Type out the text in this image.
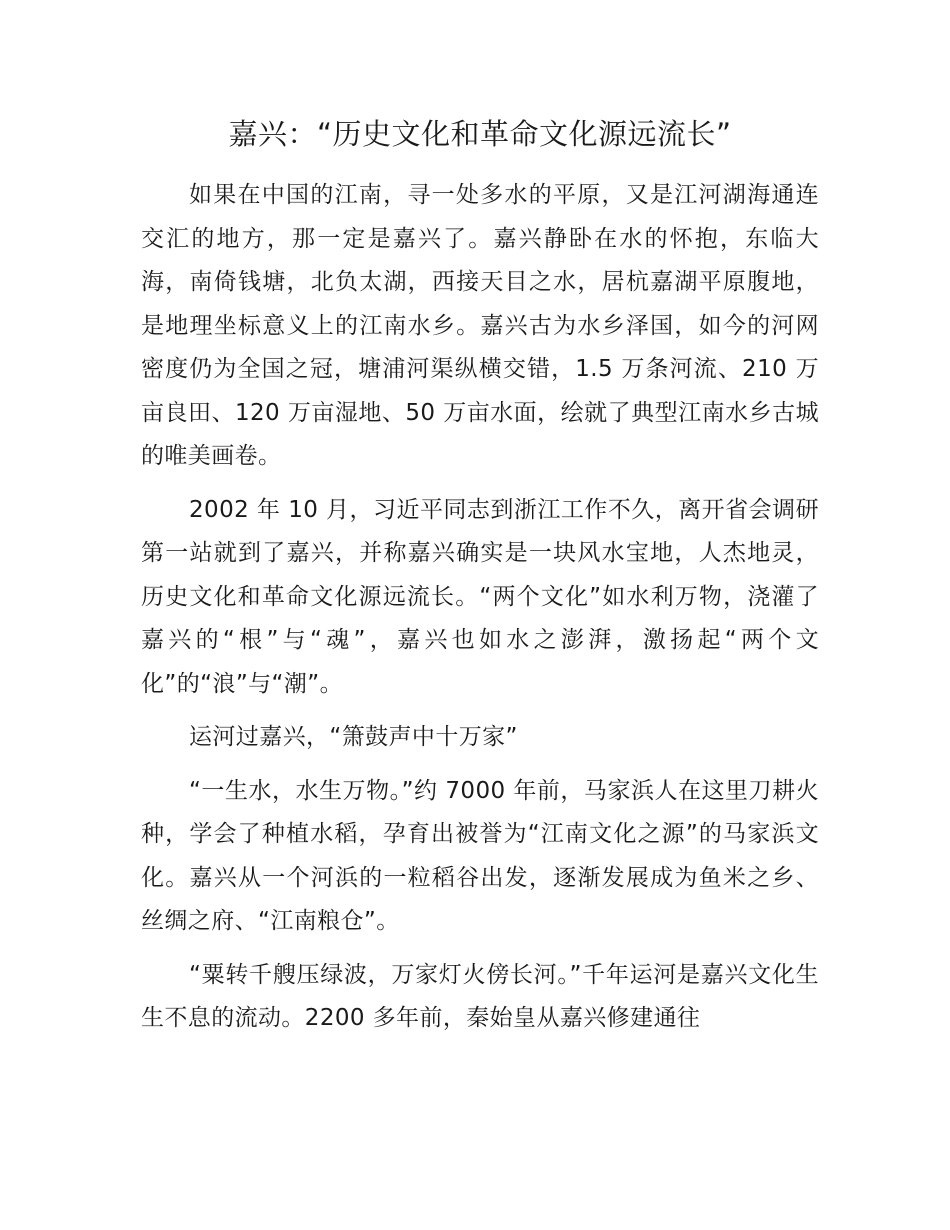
嘉兴：“历史文化和革命文化源远流长”

如果在中国的江南，寻一处多水的平原，又是江河湖海通连交汇的地方，那一定是嘉兴了。嘉兴静卧在水的怀抱，东临大海，南倚钱塘，北负太湖，西接天目之水，居杭嘉湖平原腹地，是地理坐标意义上的江南水乡。嘉兴古为水乡泽国，如今的河网密度仍为全国之冠，塘浦河渠纵横交错，1.5 万条河流、210 万亩良田、120 万亩湿地、50 万亩水面，绘就了典型江南水乡古城的唯美画卷。

2002 年 10 月，习近平同志到浙江工作不久，离开省会调研第一站就到了嘉兴，并称嘉兴确实是一块风水宝地，人杰地灵，历史文化和革命文化源远流长。“两个文化”如水利万物，浇灌了嘉兴的“根”与“魂”，嘉兴也如水之澎湃，激扬起“两个文化”的“浪”与“潮”。

运河过嘉兴，“箫鼓声中十万家”

“一生水，水生万物。”约 7000 年前，马家浜人在这里刀耕火种，学会了种植水稻，孕育出被誉为“江南文化之源”的马家浜文化。嘉兴从一个河浜的一粒稻谷出发，逐渐发展成为鱼米之乡、丝绸之府、“江南粮仓”。

“粟转千艘压绿波，万家灯火傍长河。”千年运河是嘉兴文化生生不息的流动。2200 多年前，秦始皇从嘉兴修建通往
